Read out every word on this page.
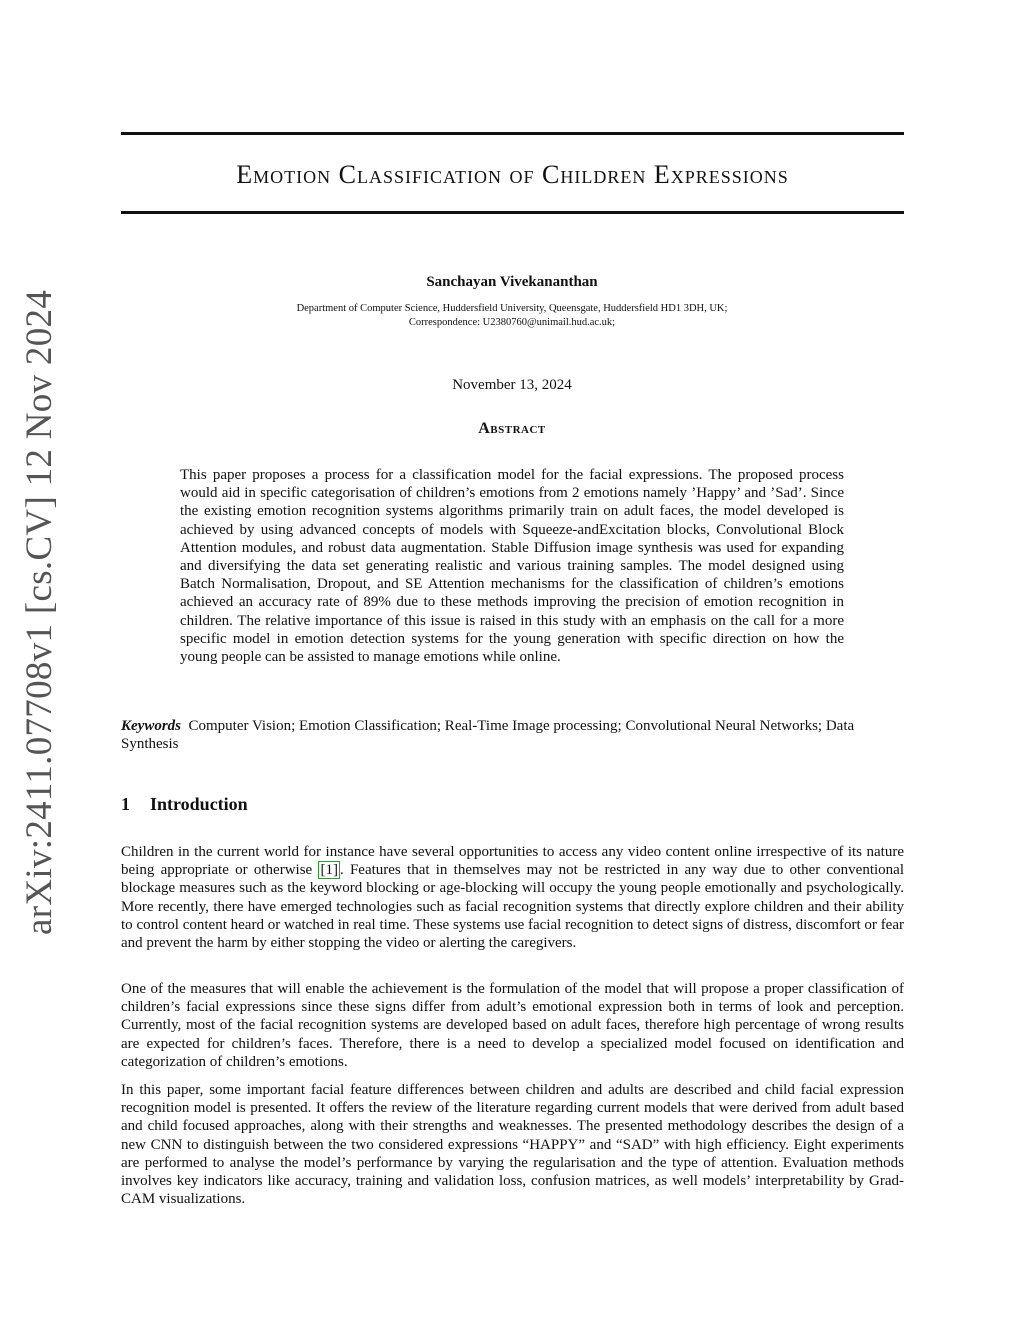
arXiv:2411.07708v1 [cs.CV] 12 Nov 2024
Emotion Classification of Children Expressions
Sanchayan Vivekananthan
Department of Computer Science, Huddersfield University, Queensgate, Huddersfield HD1 3DH, UK;
Correspondence: U2380760@unimail.hud.ac.uk;
November 13, 2024
Abstract

This paper proposes a process for a classification model for the facial expressions. The proposed process would aid in specific categorisation of children’s emotions from 2 emotions namely ’Happy’ and ’Sad’. Since the existing emotion recognition systems algorithms primarily train on adult faces, the model developed is achieved by using advanced concepts of models with Squeeze-andExcitation blocks, Convolutional Block Attention modules, and robust data augmentation. Stable Diffusion image synthesis was used for expanding and diversifying the data set generating realistic and various training samples. The model designed using Batch Normalisation, Dropout, and SE Attention mechanisms for the classification of children’s emotions achieved an accuracy rate of 89% due to these methods improving the precision of emotion recognition in children. The relative importance of this issue is raised in this study with an emphasis on the call for a more specific model in emotion detection systems for the young generation with specific direction on how the young people can be assisted to manage emotions while online.

Keywords Computer Vision; Emotion Classification; Real-Time Image processing; Convolutional Neural Networks; Data Synthesis

1 Introduction

Children in the current world for instance have several opportunities to access any video content online irrespective of its nature being appropriate or otherwise [1] . Features that in themselves may not be restricted in any way due to other conventional blockage measures such as the keyword blocking or age-blocking will occupy the young people emotionally and psychologically. More recently, there have emerged technologies such as facial recognition systems that directly explore children and their ability to control content heard or watched in real time. These systems use facial recognition to detect signs of distress, discomfort or fear and prevent the harm by either stopping the video or alerting the caregivers.

One of the measures that will enable the achievement is the formulation of the model that will propose a proper classification of children’s facial expressions since these signs differ from adult’s emotional expression both in terms of look and perception. Currently, most of the facial recognition systems are developed based on adult faces, therefore high percentage of wrong results are expected for children’s faces. Therefore, there is a need to develop a specialized model focused on identification and categorization of children’s emotions.

In this paper, some important facial feature differences between children and adults are described and child facial expression recognition model is presented. It offers the review of the literature regarding current models that were derived from adult based and child focused approaches, along with their strengths and weaknesses. The presented methodology describes the design of a new CNN to distinguish between the two considered expressions “HAPPY” and “SAD” with high efficiency. Eight experiments are performed to analyse the model’s performance by varying the regularisation and the type of attention. Evaluation methods involves key indicators like accuracy, training and validation loss, confusion matrices, as well models’ interpretability by Grad-CAM visualizations.
